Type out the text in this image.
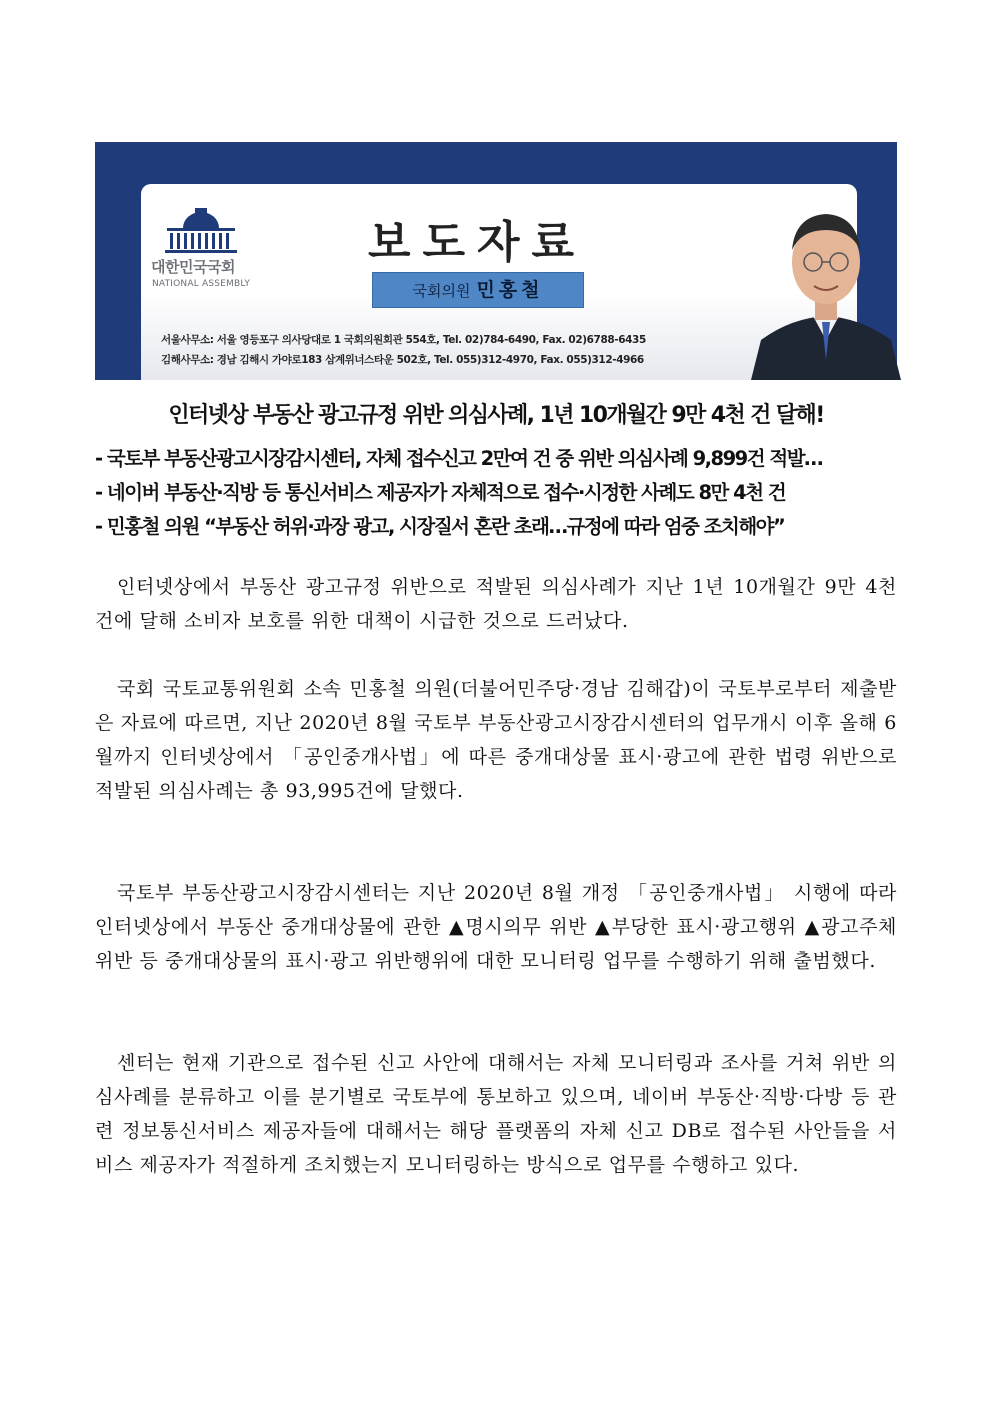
대한민국국회
NATIONAL ASSEMBLY
보도자료
국회의원 민홍철
서울사무소: 서울 영등포구 의사당대로 1 국회의원회관 554호, Tel. 02)784-6490, Fax. 02)6788-6435
김해사무소: 경남 김해시 가야로183 삼계위너스타운 502호, Tel. 055)312-4970, Fax. 055)312-4966
인터넷상 부동산 광고규정 위반 의심사례, 1년 10개월간 9만 4천 건 달해!
- 국토부 부동산광고시장감시센터, 자체 접수신고 2만여 건 중 위반 의심사례 9,899건 적발…
- 네이버 부동산·직방 등 통신서비스 제공자가 자체적으로 접수·시정한 사례도 8만 4천 건
- 민홍철 의원 “부동산 허위·과장 광고, 시장질서 혼란 초래…규정에 따라 엄중 조치해야”

인터넷상에서 부동산 광고규정 위반으로 적발된 의심사례가 지난 1년 10개월간 9만 4천 건에 달해 소비자 보호를 위한 대책이 시급한 것으로 드러났다.

국회 국토교통위원회 소속 민홍철 의원(더불어민주당·경남 김해갑)이 국토부로부터 제출받은 자료에 따르면, 지난 2020년 8월 국토부 부동산광고시장감시센터의 업무개시 이후 올해 6월까지 인터넷상에서 「공인중개사법」에 따른 중개대상물 표시·광고에 관한 법령 위반으로 적발된 의심사례는 총 93,995건에 달했다.

국토부 부동산광고시장감시센터는 지난 2020년 8월 개정 「공인중개사법」 시행에 따라 인터넷상에서 부동산 중개대상물에 관한 ▲명시의무 위반 ▲부당한 표시·광고행위 ▲광고주체 위반 등 중개대상물의 표시·광고 위반행위에 대한 모니터링 업무를 수행하기 위해 출범했다.

센터는 현재 기관으로 접수된 신고 사안에 대해서는 자체 모니터링과 조사를 거쳐 위반 의심사례를 분류하고 이를 분기별로 국토부에 통보하고 있으며, 네이버 부동산·직방·다방 등 관련 정보통신서비스 제공자들에 대해서는 해당 플랫폼의 자체 신고 DB로 접수된 사안들을 서비스 제공자가 적절하게 조치했는지 모니터링하는 방식으로 업무를 수행하고 있다.
